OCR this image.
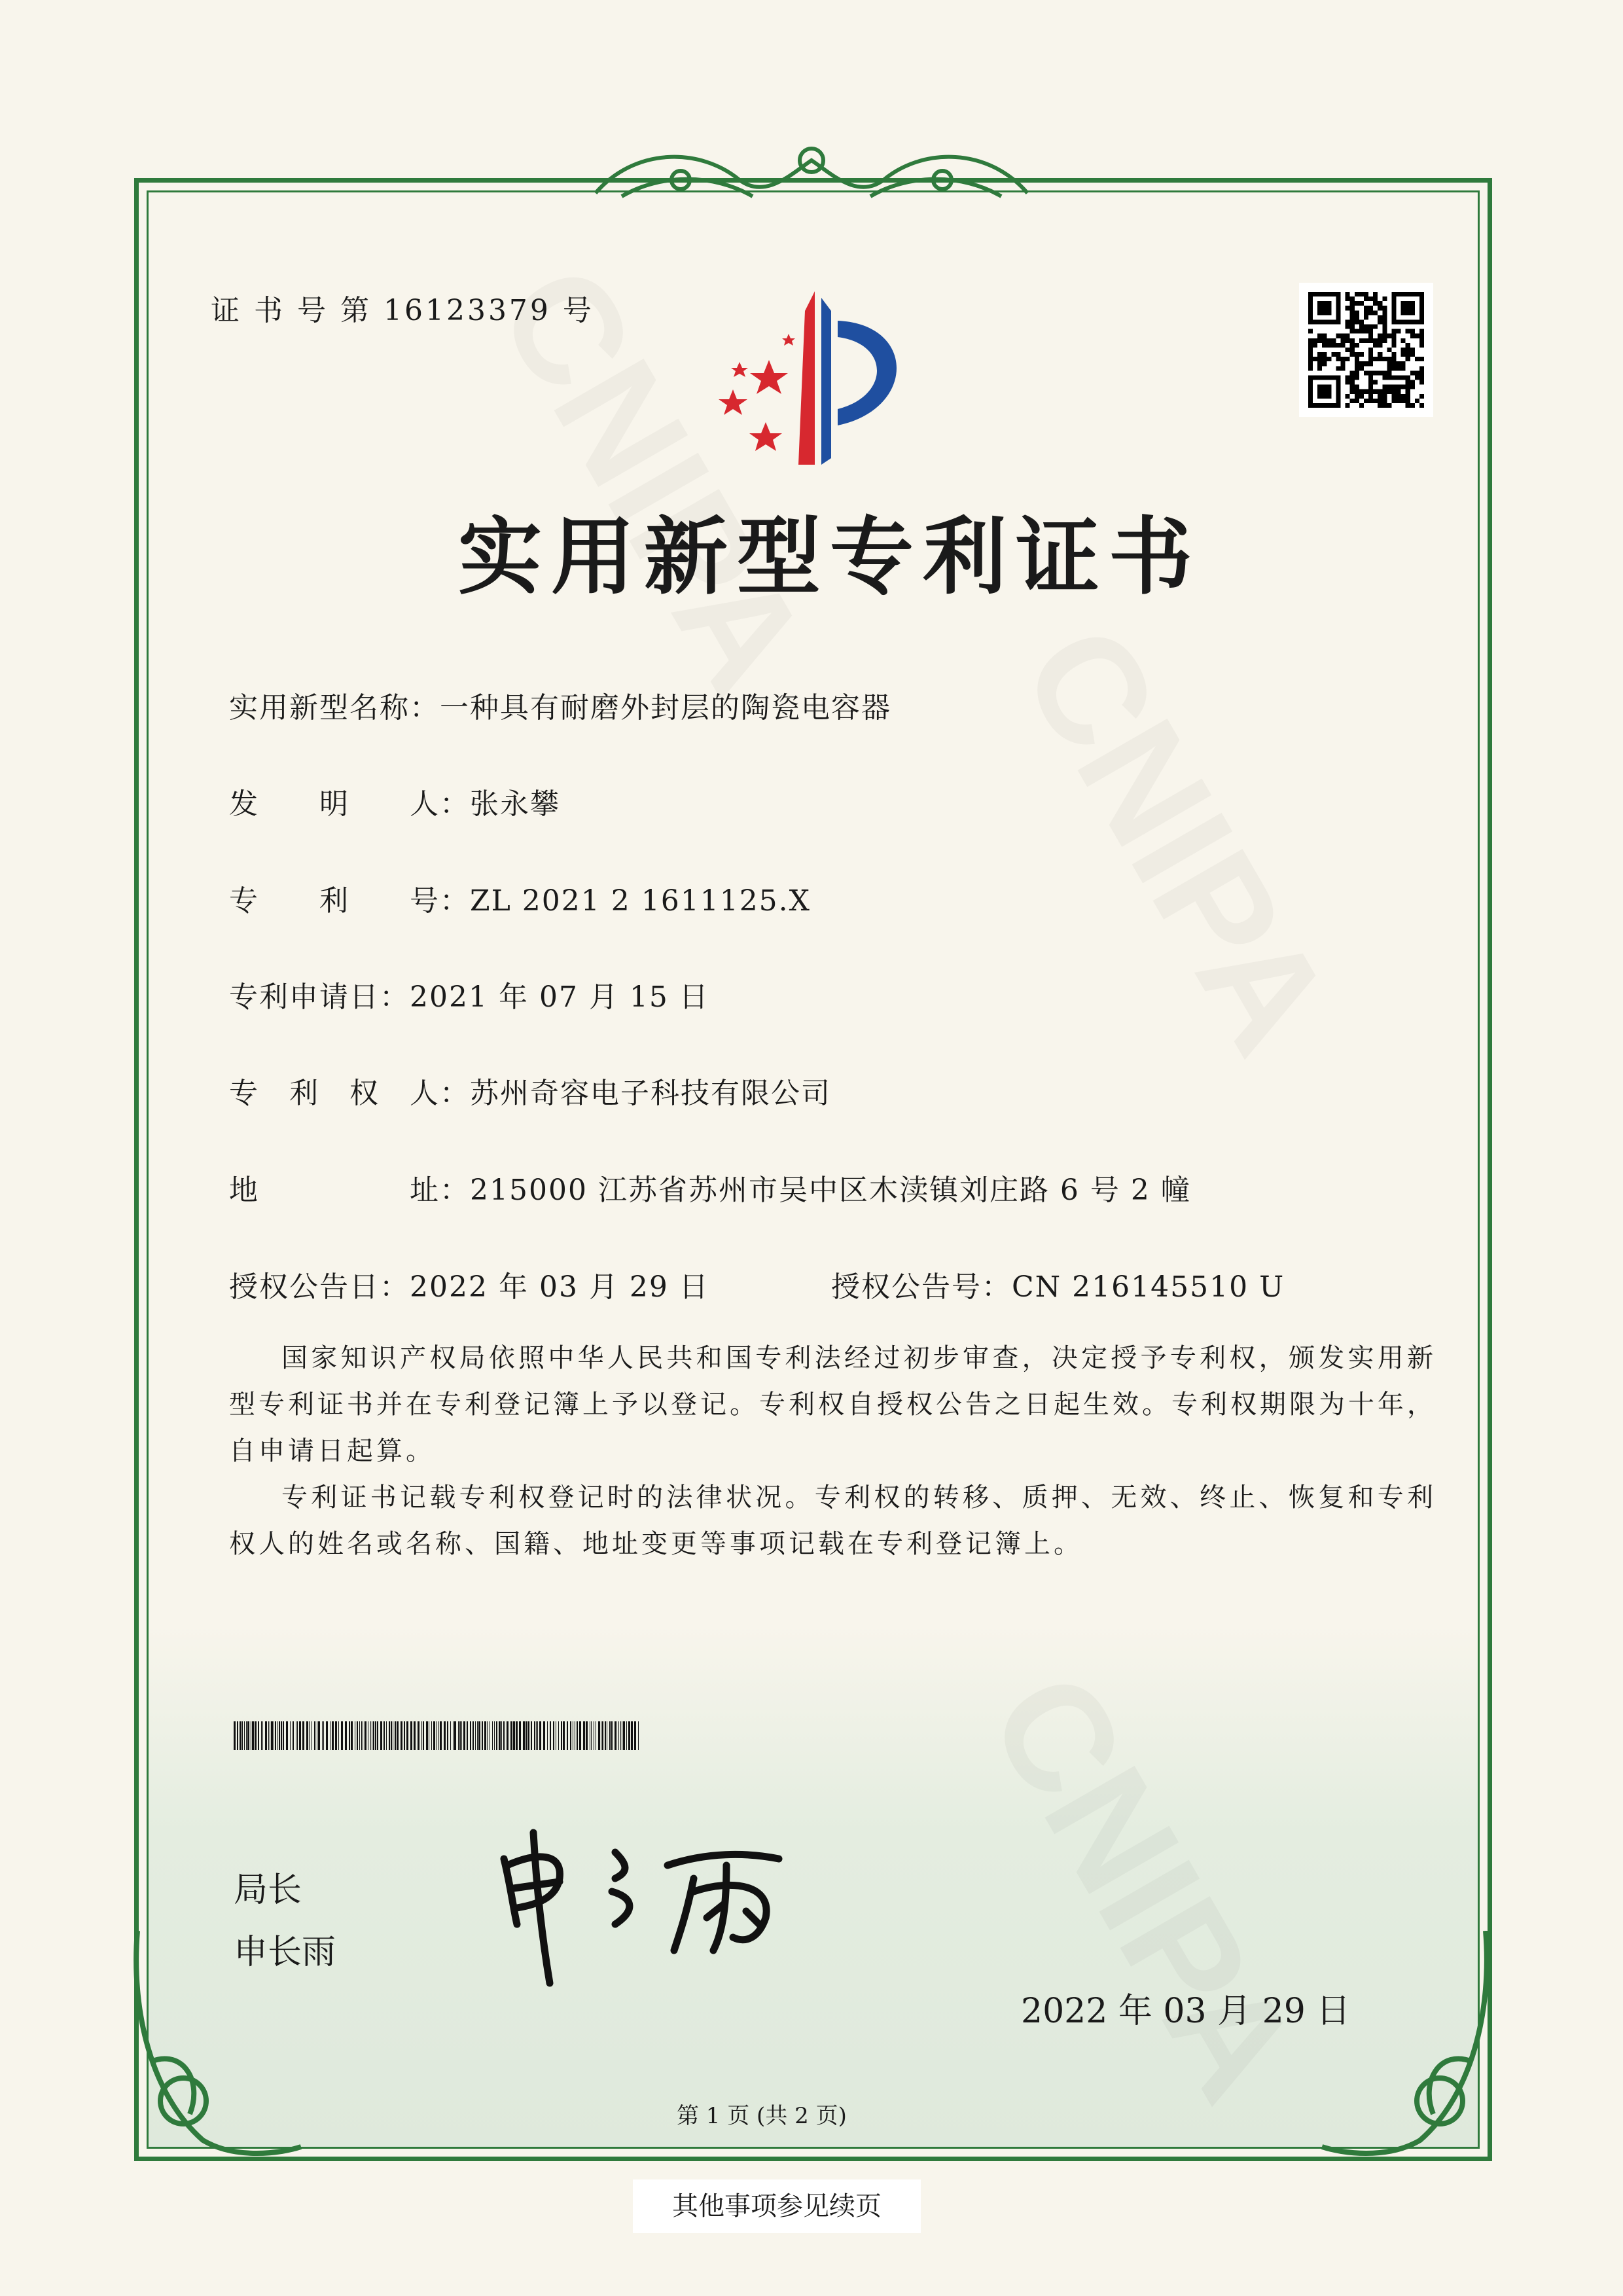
证 书 号 第 16123379 号
实用新型专利证书
实用新型名称：一种具有耐磨外封层的陶瓷电容器
发　　明　　人：张永攀
专　　利　　号：ZL 2021 2 1611125.X
专利申请日：2021 年 07 月 15 日
专　利　权　人：苏州奇容电子科技有限公司
地　　　　　址：215000 江苏省苏州市吴中区木渎镇刘庄路 6 号 2 幢
授权公告日：2022 年 03 月 29 日	授权公告号：CN 216145510 U

国家知识产权局依照中华人民共和国专利法经过初步审查，决定授予专利权，颁发实用新型专利证书并在专利登记簿上予以登记。专利权自授权公告之日起生效。专利权期限为十年，自申请日起算。

专利证书记载专利权登记时的法律状况。专利权的转移、质押、无效、终止、恢复和专利权人的姓名或名称、国籍、地址变更等事项记载在专利登记簿上。

局长
申长雨
2022 年 03 月 29 日
第 1 页 (共 2 页)
其他事项参见续页
